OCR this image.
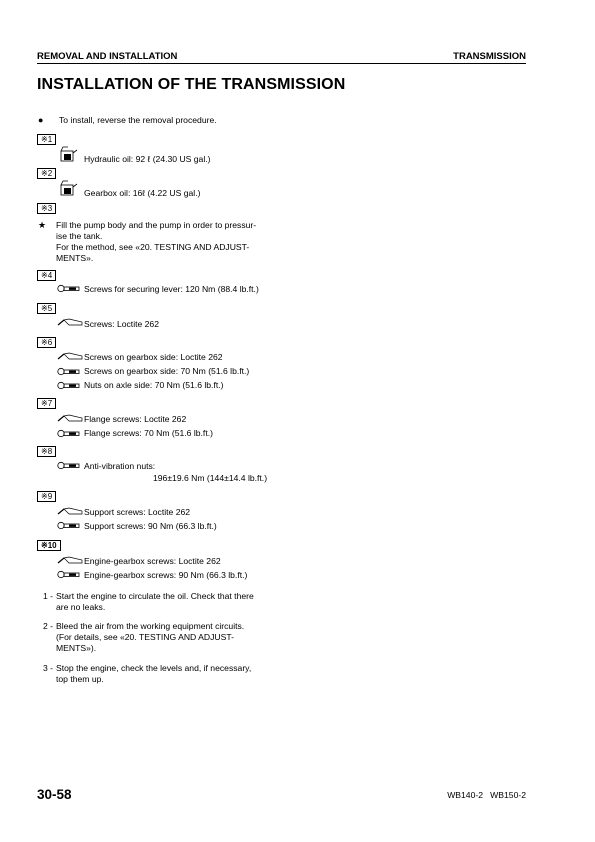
REMOVAL AND INSTALLATION	TRANSMISSION
INSTALLATION OF THE TRANSMISSION
● To install, reverse the removal procedure.
※1
Hydraulic oil: 92 ℓ (24.30 US gal.)
※2
Gearbox oil: 16ℓ (4.22 US gal.)
※3
★ Fill the pump body and the pump in order to pressur-
ise the tank.
For the method, see «20. TESTING AND ADJUST-
MENTS».
※4
Screws for securing lever: 120 Nm (88.4 lb.ft.)
※5
Screws: Loctite 262
※6
Screws on gearbox side: Loctite 262
Screws on gearbox side: 70 Nm (51.6 lb.ft.)
Nuts on axle side: 70 Nm (51.6 lb.ft.)
※7
Flange screws: Loctite 262
Flange screws: 70 Nm (51.6 lb.ft.)
※8
Anti-vibration nuts:
196±19.6 Nm (144±14.4 lb.ft.)
※9
Support screws: Loctite 262
Support screws: 90 Nm (66.3 lb.ft.)
※10
Engine-gearbox screws: Loctite 262
Engine-gearbox screws: 90 Nm (66.3 lb.ft.)
1 - Start the engine to circulate the oil. Check that there
are no leaks.
2 - Bleed the air from the working equipment circuits.
(For details, see «20. TESTING AND ADJUST-
MENTS»).
3 - Stop the engine, check the levels and, if necessary,
top them up.
30-58	WB140-2   WB150-2
